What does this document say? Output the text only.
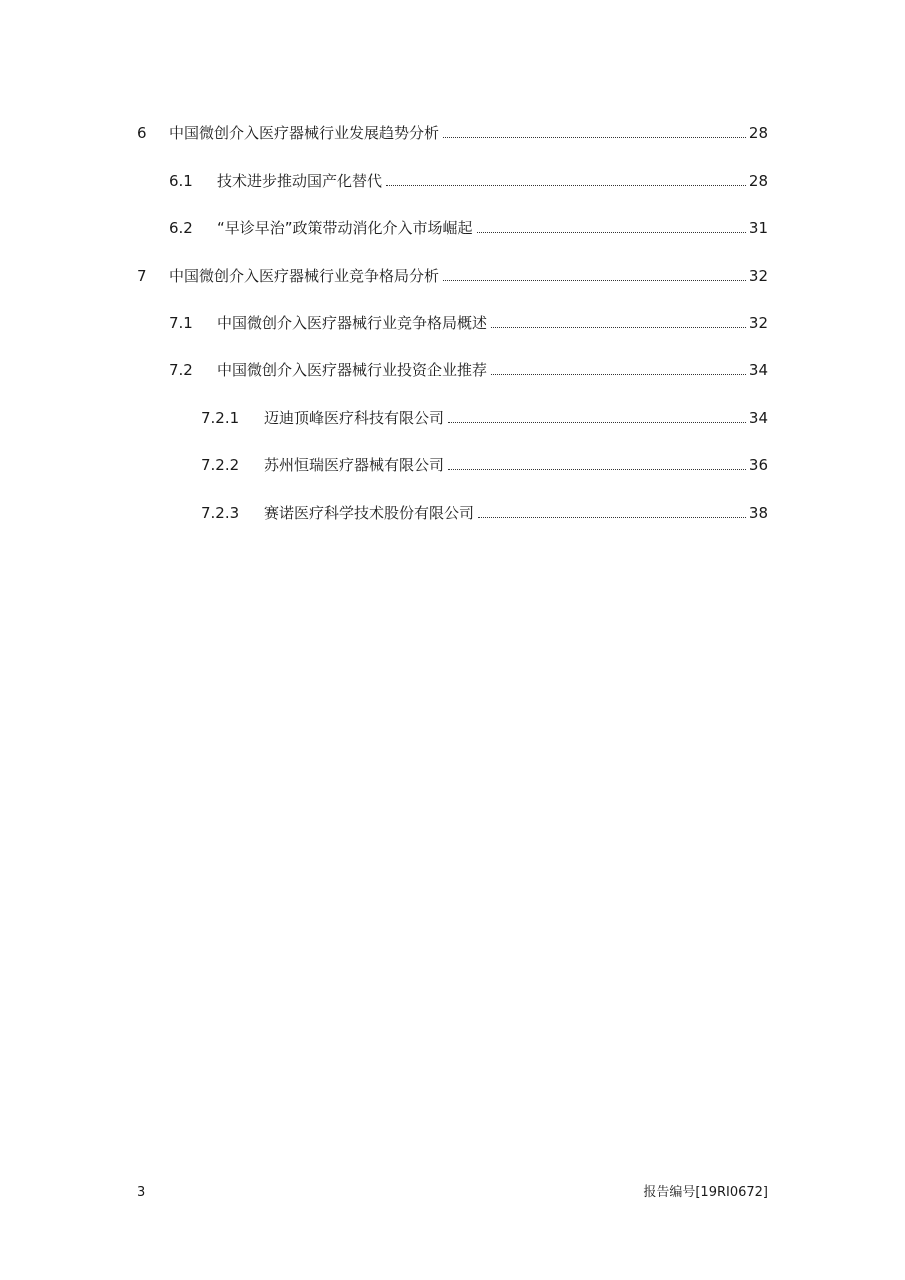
6 中国微创介入医疗器械行业发展趋势分析	28
6.1 技术进步推动国产化替代	28
6.2 “早诊早治”政策带动消化介入市场崛起	31
7 中国微创介入医疗器械行业竞争格局分析	32
7.1 中国微创介入医疗器械行业竞争格局概述	32
7.2 中国微创介入医疗器械行业投资企业推荐	34
7.2.1 迈迪顶峰医疗科技有限公司	34
7.2.2 苏州恒瑞医疗器械有限公司	36
7.2.3 赛诺医疗科学技术股份有限公司	38
3	报告编号[19RI0672]
